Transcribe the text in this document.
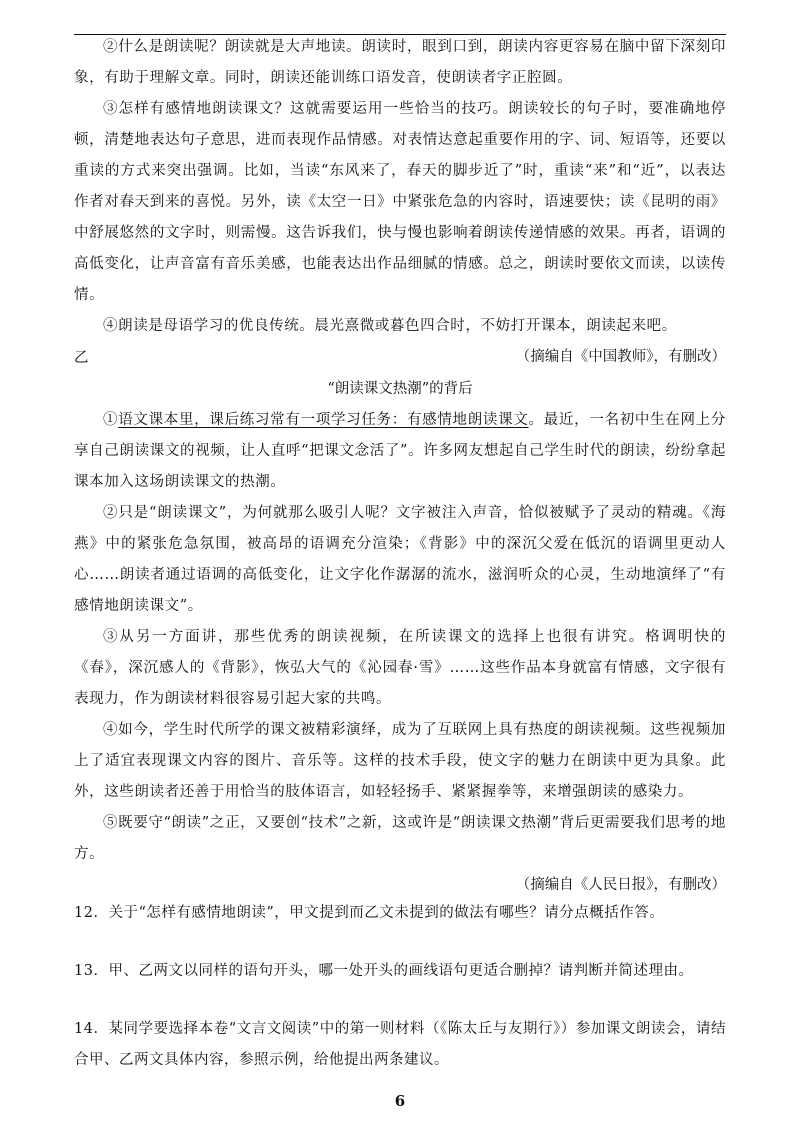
②什么是朗读呢？朗读就是大声地读。朗读时，眼到口到，朗读内容更容易在脑中留下深刻印象，有助于理解文章。同时，朗读还能训练口语发音，使朗读者字正腔圆。

③怎样有感情地朗读课文？这就需要运用一些恰当的技巧。朗读较长的句子时，要准确地停顿，清楚地表达句子意思，进而表现作品情感。对表情达意起重要作用的字、词、短语等，还要以重读的方式来突出强调。比如，当读“东风来了，春天的脚步近了”时，重读“来”和“近”，以表达作者对春天到来的喜悦。另外，读《太空一日》中紧张危急的内容时，语速要快；读《昆明的雨》中舒展悠然的文字时，则需慢。这告诉我们，快与慢也影响着朗读传递情感的效果。再者，语调的高低变化，让声音富有音乐美感，也能表达出作品细腻的情感。总之，朗读时要依文而读，以读传情。

④朗读是母语学习的优良传统。晨光熹微或暮色四合时，不妨打开课本，朗读起来吧。

（摘编自《中国教师》，有删改）

乙

“朗读课文热潮”的背后

①语文课本里，课后练习常有一项学习任务：有感情地朗读课文。最近，一名初中生在网上分享自己朗读课文的视频，让人直呼“把课文念活了”。许多网友想起自己学生时代的朗读，纷纷拿起课本加入这场朗读课文的热潮。

②只是“朗读课文”，为何就那么吸引人呢？文字被注入声音，恰似被赋予了灵动的精魂。《海燕》中的紧张危急氛围，被高昂的语调充分渲染；《背影》中的深沉父爱在低沉的语调里更动人心……朗读者通过语调的高低变化，让文字化作潺潺的流水，滋润听众的心灵，生动地演绎了“有感情地朗读课文”。

③从另一方面讲，那些优秀的朗读视频，在所读课文的选择上也很有讲究。格调明快的《春》，深沉感人的《背影》，恢弘大气的《沁园春·雪》……这些作品本身就富有情感，文字很有表现力，作为朗读材料很容易引起大家的共鸣。

④如今，学生时代所学的课文被精彩演绎，成为了互联网上具有热度的朗读视频。这些视频加上了适宜表现课文内容的图片、音乐等。这样的技术手段，使文字的魅力在朗读中更为具象。此外，这些朗读者还善于用恰当的肢体语言，如轻轻扬手、紧紧握拳等，来增强朗读的感染力。

⑤既要守“朗读”之正，又要创“技术”之新，这或许是“朗读课文热潮”背后更需要我们思考的地方。

（摘编自《人民日报》，有删改）

12．关于“怎样有感情地朗读”，甲文提到而乙文未提到的做法有哪些？请分点概括作答。

13．甲、乙两文以同样的语句开头，哪一处开头的画线语句更适合删掉？请判断并简述理由。

14．某同学要选择本卷“文言文阅读”中的第一则材料（《陈太丘与友期行》）参加课文朗读会，请结合甲、乙两文具体内容，参照示例，给他提出两条建议。

6
